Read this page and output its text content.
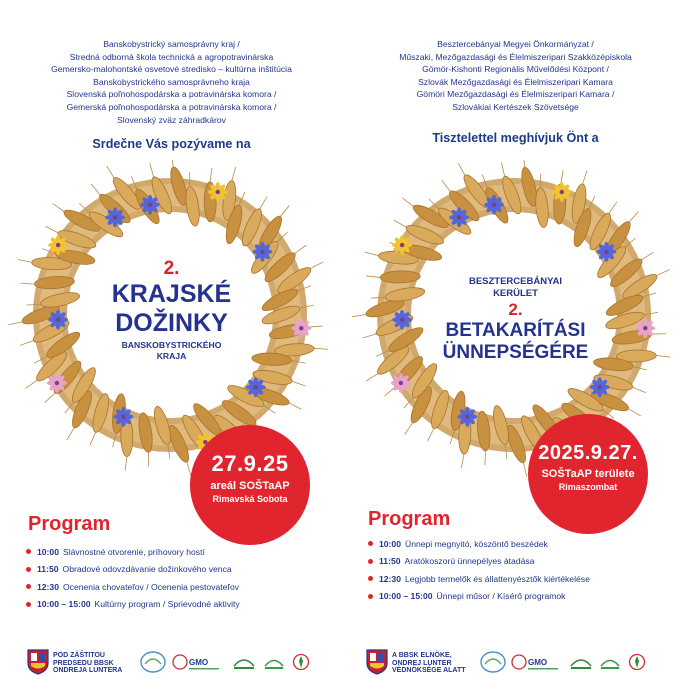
Banskobystrický samosprávny kraj /
Stredná odborná škola technická a agropotravinárska
Gemersko-malohontské osvetové stredisko – kultúrna inštitúcia
Banskobystrického samosprávneho kraja
Slovenská poľnohospodárska a potravinárska komora /
Gemerská poľnohospodárska a potravinárska komora /
Slovenský zväz záhradkárov
Srdečne Vás pozývame na
2.
KRAJSKÉ
DOŽINKY
BANSKOBYSTRICKÉHO
KRAJA
27.9.25
areál SOŠTaAP
Rimavská Sobota
Program
10:00 Slávnostné otvorenie, príhovory hostí
11:50 Obradové odovzdávanie dožinkového venca
12:30 Ocenenia chovateľov / Ocenenia pestovateľov
10:00 – 15:00 Kultúrny program / Sprievodné aktivity
POD ZÁŠTITOU
PREDSEDU BBSK
ONDREJA LUNTERA
GMO
Besztercebányai Megyei Önkormányzat /
Műszaki, Mezőgazdasági és Élelmiszeripari Szakközépiskola
Gömör-Kishonti Regionális Művelődési Központ /
Szlovák Mezőgazdasági és Élelmiszeripari Kamara
Gömöri Mezőgazdasági és Élelmiszeripari Kamara /
Szlovákiai Kertészek Szövetsége
Tisztelettel meghívjuk Önt a
BESZTERCEBÁNYAI
KERÜLET
2.
BETAKARÍTÁSI
ÜNNEPSÉGÉRE
2025.9.27.
SOŠTaAP területe
Rimaszombat
Program
10:00 Ünnepi megnyitó, köszöntő beszédek
11:50 Aratókoszorú ünnepélyes átadása
12:30 Legjobb termelők és állattenyésztők kiértékelése
10:00 – 15:00 Ünnepi műsor / Kísérő programok
A BBSK ELNÖKE,
ONDREJ LUNTER
VÉDNÖKSÉGE ALATT
GMO
